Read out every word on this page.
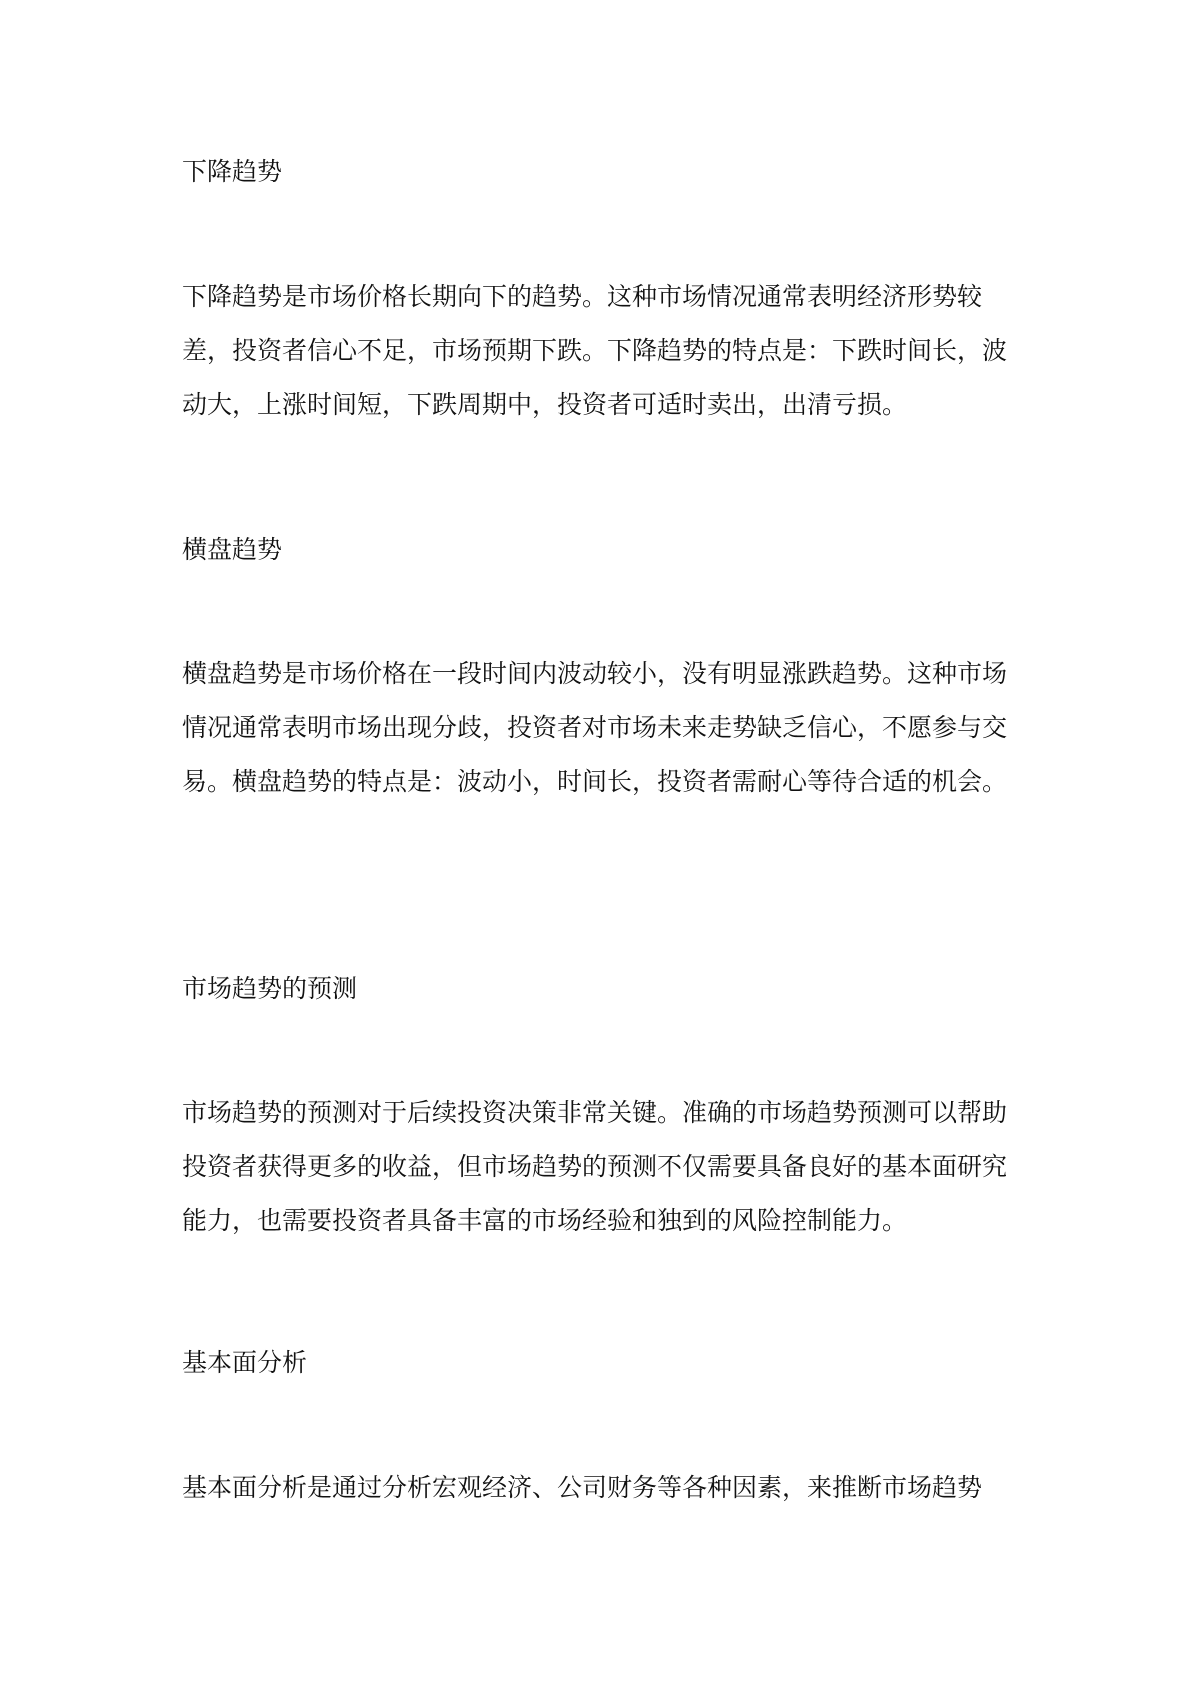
下降趋势

下降趋势是市场价格长期向下的趋势。这种市场情况通常表明经济形势较差，投资者信心不足，市场预期下跌。下降趋势的特点是：下跌时间长，波动大，上涨时间短，下跌周期中，投资者可适时卖出，出清亏损。

横盘趋势

横盘趋势是市场价格在一段时间内波动较小，没有明显涨跌趋势。这种市场情况通常表明市场出现分歧，投资者对市场未来走势缺乏信心，不愿参与交易。横盘趋势的特点是：波动小，时间长，投资者需耐心等待合适的机会。

市场趋势的预测

市场趋势的预测对于后续投资决策非常关键。准确的市场趋势预测可以帮助投资者获得更多的收益，但市场趋势的预测不仅需要具备良好的基本面研究能力，也需要投资者具备丰富的市场经验和独到的风险控制能力。

基本面分析

基本面分析是通过分析宏观经济、公司财务等各种因素，来推断市场趋势
